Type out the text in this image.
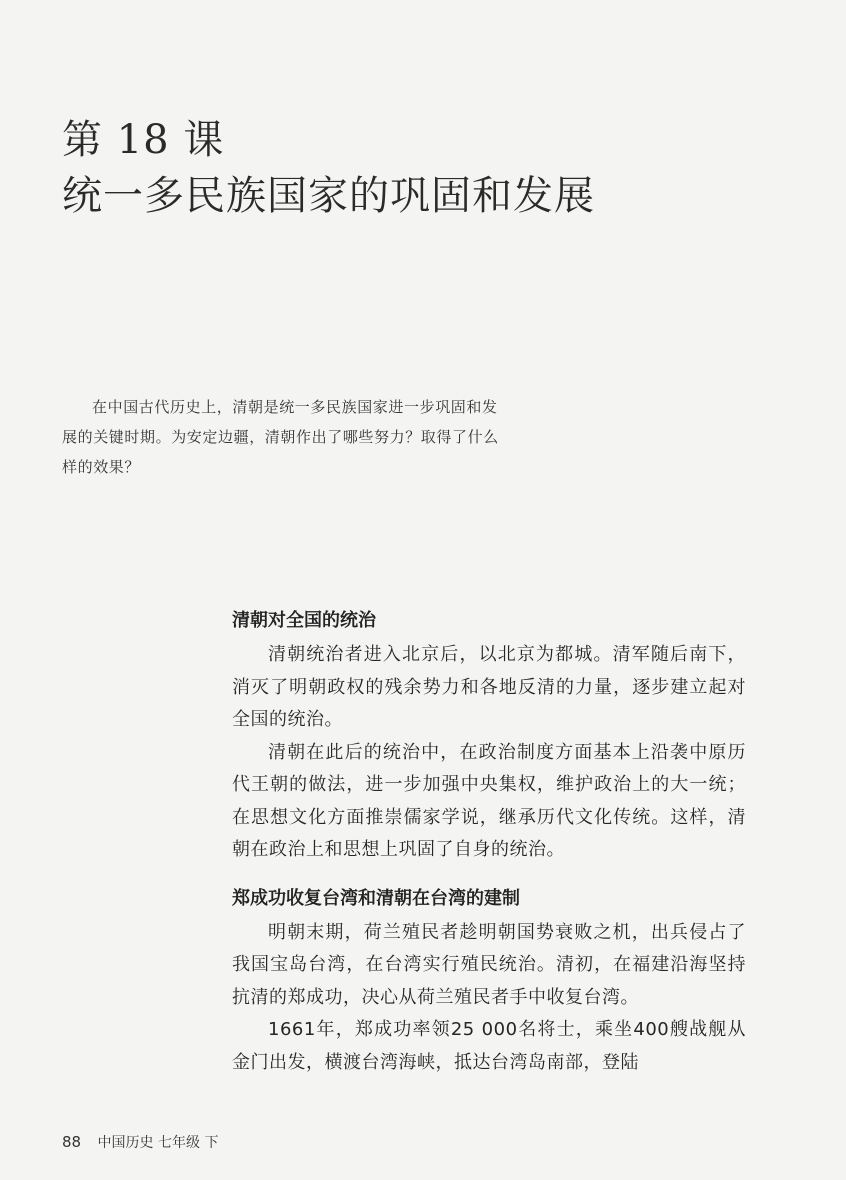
第 18 课
统一多民族国家的巩固和发展

在中国古代历史上，清朝是统一多民族国家进一步巩固和发展的关键时期。为安定边疆，清朝作出了哪些努力？取得了什么样的效果？

清朝对全国的统治

清朝统治者进入北京后，以北京为都城。清军随后南下，消灭了明朝政权的残余势力和各地反清的力量，逐步建立起对全国的统治。

清朝在此后的统治中，在政治制度方面基本上沿袭中原历代王朝的做法，进一步加强中央集权，维护政治上的大一统；在思想文化方面推崇儒家学说，继承历代文化传统。这样，清朝在政治上和思想上巩固了自身的统治。

郑成功收复台湾和清朝在台湾的建制

明朝末期，荷兰殖民者趁明朝国势衰败之机，出兵侵占了我国宝岛台湾，在台湾实行殖民统治。清初，在福建沿海坚持抗清的郑成功，决心从荷兰殖民者手中收复台湾。

1661年，郑成功率领25 000名将士，乘坐400艘战舰从金门出发，横渡台湾海峡，抵达台湾岛南部，登陆

88 中国历史 七年级 下
